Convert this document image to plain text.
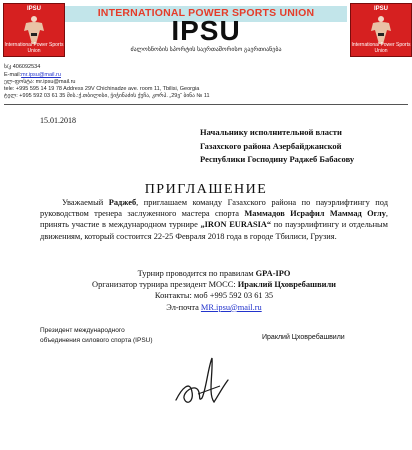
IPSU
International Power Sports Union
IPSU
International Power Sports Union
INTERNATIONAL POWER SPORTS UNION
IPSU
ძალოსნობის სპორტის საერთაშორისო გაერთიანება
ს/კ 406092534
E-mail:mr.ipsu@mail.ru
ელ-ფოსტა: mr.ipsu@mail.ru
tele: +995 595 14 19 78 Address 29V Chichinadze ave. room 11, Tbilisi, Georgia
ტელ: +995 592 03 61 35 მის.:ქ.თბილისი, ჭიჭინაძის ქუჩა, კორპ. „29ვ“ ბინა № 11
15.01.2018
Начальнику исполнительной власти
Газахского района Азербайджанской
Республики Господину Раджеб Бабасову
ПРИГЛАШЕНИЕ
Уважаемый Раджеб, приглашаем команду Газахского района по пауэрлифтингу под руководством тренера заслуженного мастера спорта Маммадов Исрафил Маммад Оглу, принять участие в международном турнире „IRON EURASIA“ по пауэрлифтингу и отдельным движениям, который состоится 22-25 Февраля 2018 года в городе Тбилиси, Грузия.
Турнир проводится по правилам GPA-IPO
Организатор турнира президент МОСС: Ираклий Цховребашвили
Контакты: моб +995 592 03 61 35
Эл-почта MR.ipsu@mail.ru
Президент международного
объединения силового спорта (IPSU)	Ираклий Цховребашвили
